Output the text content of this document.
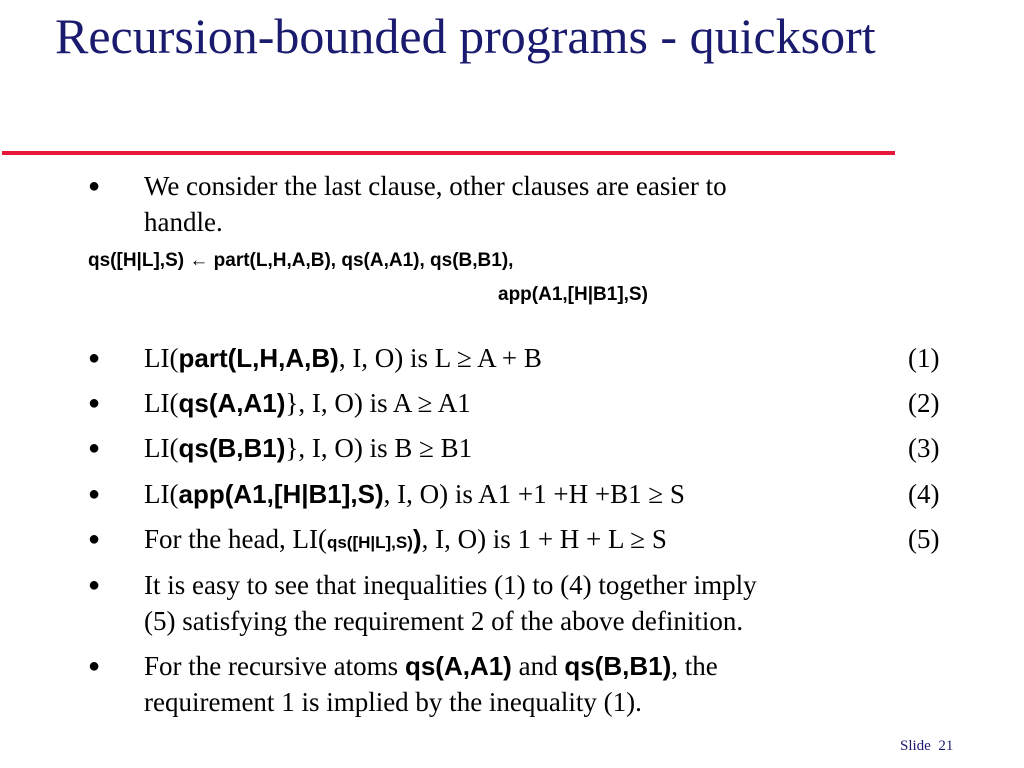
Recursion-bounded programs - quicksort
● We consider the last clause, other clauses are easier to
handle.
qs([H|L],S) ← part(L,H,A,B), qs(A,A1), qs(B,B1),
app(A1,[H|B1],S)
● LI(part(L,H,A,B), I, O) is L ≥ A + B	(1)
● LI(qs(A,A1)}, I, O) is A ≥ A1	(2)
● LI(qs(B,B1)}, I, O) is B ≥ B1	(3)
● LI(app(A1,[H|B1],S), I, O) is A1 +1 +H +B1 ≥ S	(4)
● For the head, LI(qs([H|L],S)), I, O) is 1 + H + L ≥ S	(5)
● It is easy to see that inequalities (1) to (4) together imply
(5) satisfying the requirement 2 of the above definition.
● For the recursive atoms qs(A,A1) and qs(B,B1), the
requirement 1 is implied by the inequality (1).
Slide 21
